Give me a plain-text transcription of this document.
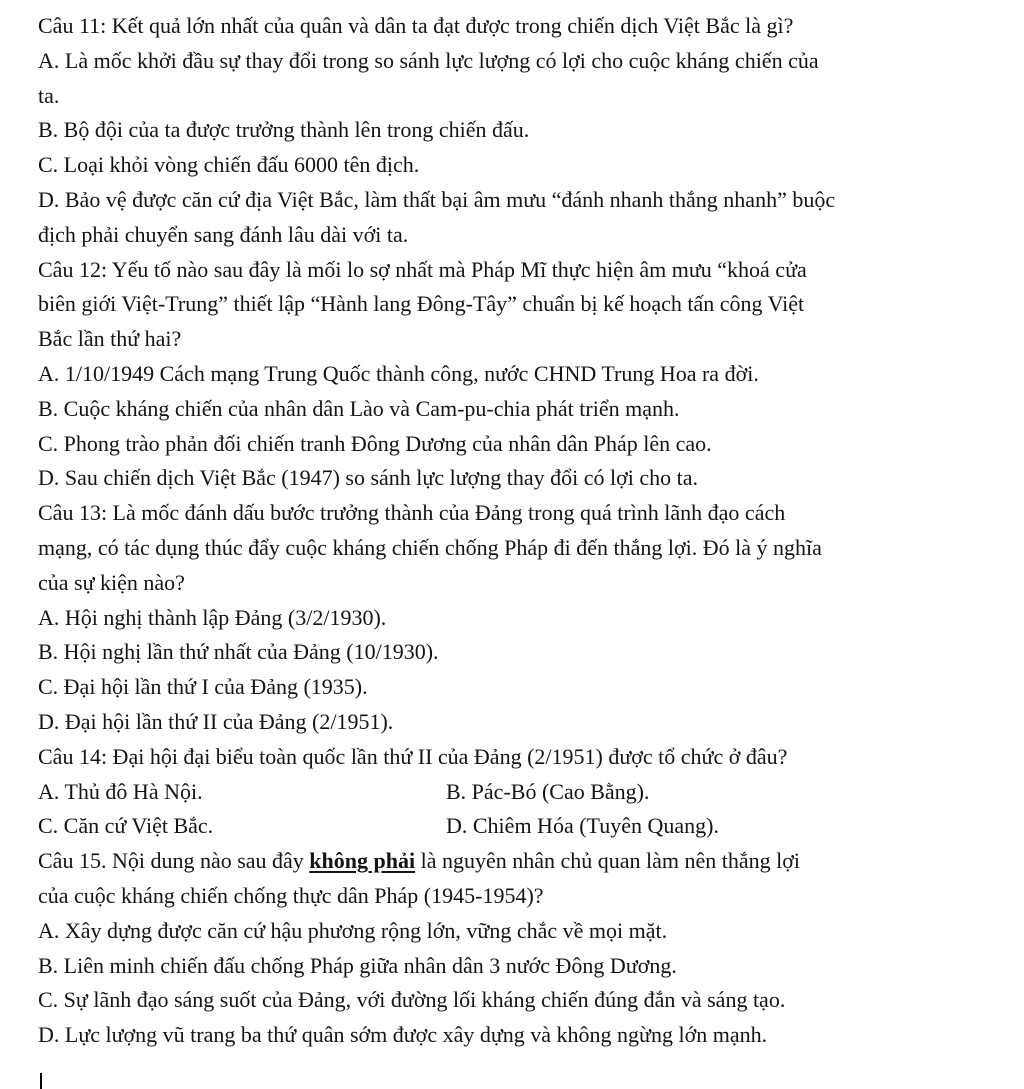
Câu 11: Kết quả lớn nhất của quân và dân ta đạt được trong chiến dịch Việt Bắc là gì?
A. Là mốc khởi đầu sự thay đổi trong so sánh lực lượng có lợi cho cuộc kháng chiến của
ta.
B. Bộ đội của ta được trưởng thành lên trong chiến đấu.
C. Loại khỏi vòng chiến đấu 6000 tên địch.
D. Bảo vệ được căn cứ địa Việt Bắc, làm thất bại âm mưu “đánh nhanh thắng nhanh” buộc
địch phải chuyển sang đánh lâu dài với ta.
Câu 12: Yếu tố nào sau đây là mối lo sợ nhất mà Pháp Mĩ thực hiện âm mưu “khoá cửa
biên giới Việt-Trung” thiết lập “Hành lang Đông-Tây” chuẩn bị kế hoạch tấn công Việt
Bắc lần thứ hai?
A. 1/10/1949 Cách mạng Trung Quốc thành công, nước CHND Trung Hoa ra đời.
B. Cuộc kháng chiến của nhân dân Lào và Cam-pu-chia phát triển mạnh.
C. Phong trào phản đối chiến tranh Đông Dương của nhân dân Pháp lên cao.
D. Sau chiến dịch Việt Bắc (1947) so sánh lực lượng thay đổi có lợi cho ta.
Câu 13: Là mốc đánh dấu bước trưởng thành của Đảng trong quá trình lãnh đạo cách
mạng, có tác dụng thúc đẩy cuộc kháng chiến chống Pháp đi đến thắng lợi. Đó là ý nghĩa
của sự kiện nào?
A. Hội nghị thành lập Đảng (3/2/1930).
B. Hội nghị lần thứ nhất của Đảng (10/1930).
C. Đại hội lần thứ I của Đảng (1935).
D. Đại hội lần thứ II của Đảng (2/1951).
Câu 14: Đại hội đại biểu toàn quốc lần thứ II của Đảng (2/1951) được tổ chức ở đâu?
A. Thủ đô Hà Nội.	B. Pác-Bó (Cao Bằng).
C. Căn cứ Việt Bắc.	D. Chiêm Hóa (Tuyên Quang).
Câu 15. Nội dung nào sau đây không phải là nguyên nhân chủ quan làm nên thắng lợi
của cuộc kháng chiến chống thực dân Pháp (1945-1954)?
A. Xây dựng được căn cứ hậu phương rộng lớn, vững chắc về mọi mặt.
B. Liên minh chiến đấu chống Pháp giữa nhân dân 3 nước Đông Dương.
C. Sự lãnh đạo sáng suốt của Đảng, với đường lối kháng chiến đúng đắn và sáng tạo.
D. Lực lượng vũ trang ba thứ quân sớm được xây dựng và không ngừng lớn mạnh.
